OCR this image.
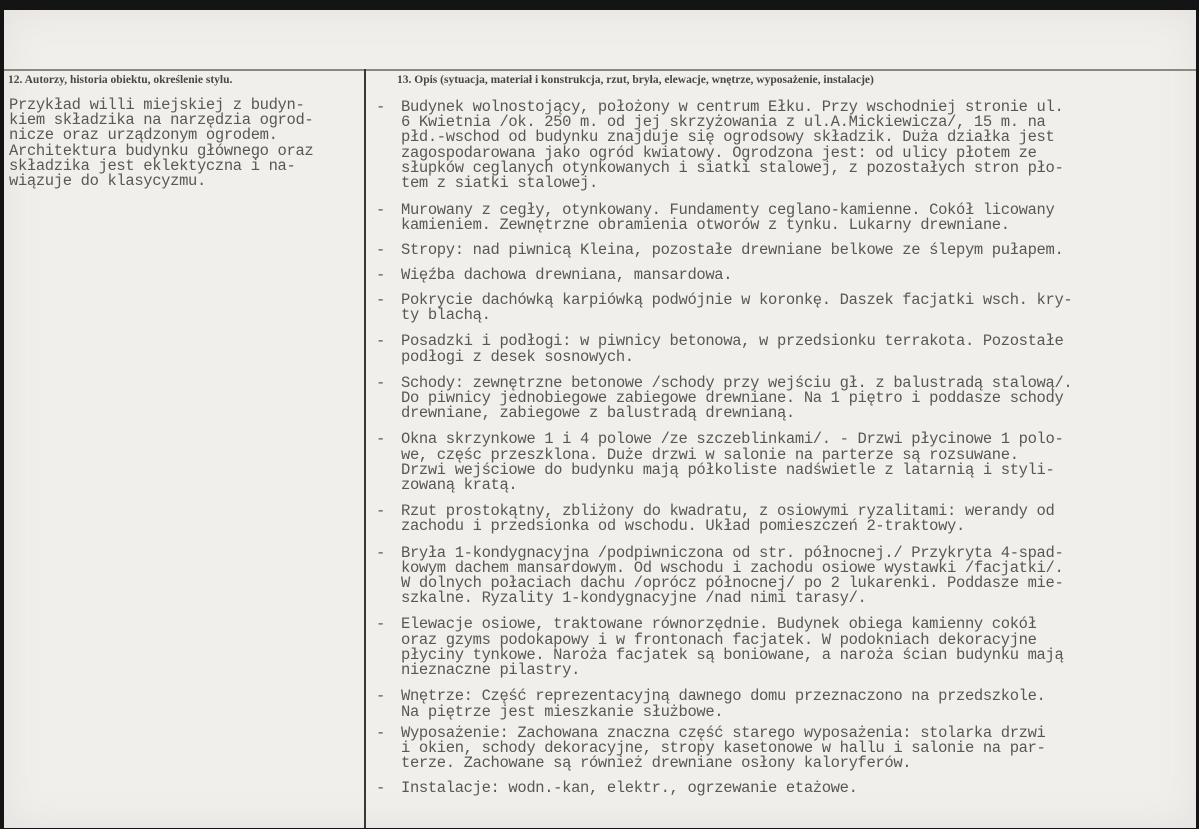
12. Autorzy, historia obiektu, określenie stylu.	13. Opis (sytuacja, materiał i konstrukcja, rzut, bryła, elewacje, wnętrze, wyposażenie, instalacje)
Przykład willi miejskiej z budyn-
kiem składzika na narzędzia ogrod-
nicze oraz urządzonym ogrodem.
Architektura budynku głównego oraz
składzika jest eklektyczna i na-
wiązuje do klasycyzmu.
- Budynek wolnostojący, położony w centrum Ełku. Przy wschodniej stronie ul.
6 Kwietnia /ok. 250 m. od jej skrzyżowania z ul.A.Mickiewicza/, 15 m. na
płd.-wschod od budynku znajduje się ogrodsowy składzik. Duża działka jest
zagospodarowana jako ogród kwiatowy. Ogrodzona jest: od ulicy płotem ze
słupków ceglanych otynkowanych i siatki stalowej, z pozostałych stron pło-
tem z siatki stalowej.
- Murowany z cegły, otynkowany. Fundamenty ceglano-kamienne. Cokół licowany
kamieniem. Zewnętrzne obramienia otworów z tynku. Lukarny drewniane.
- Stropy: nad piwnicą Kleina, pozostałe drewniane belkowe ze ślepym pułapem.
- Więźba dachowa drewniana, mansardowa.
- Pokrycie dachówką karpiówką podwójnie w koronkę. Daszek facjatki wsch. kry-
ty blachą.
- Posadzki i podłogi: w piwnicy betonowa, w przedsionku terrakota. Pozostałe
podłogi z desek sosnowych.
- Schody: zewnętrzne betonowe /schody przy wejściu gł. z balustradą stalową/.
Do piwnicy jednobiegowe zabiegowe drewniane. Na 1 piętro i poddasze schody
drewniane, zabiegowe z balustradą drewnianą.
- Okna skrzynkowe 1 i 4 polowe /ze szczeblinkami/. - Drzwi płycinowe 1 polo-
we, częśc przeszklona. Duże drzwi w salonie na parterze są rozsuwane.
Drzwi wejściowe do budynku mają półkoliste nadświetle z latarnią i styli-
zowaną kratą.
- Rzut prostokątny, zbliżony do kwadratu, z osiowymi ryzalitami: werandy od
zachodu i przedsionka od wschodu. Układ pomieszczeń 2-traktowy.
- Bryła 1-kondygnacyjna /podpiwniczona od str. północnej./ Przykryta 4-spad-
kowym dachem mansardowym. Od wschodu i zachodu osiowe wystawki /facjatki/.
W dolnych połaciach dachu /oprócz północnej/ po 2 lukarenki. Poddasze mie-
szkalne. Ryzality 1-kondygnacyjne /nad nimi tarasy/.
- Elewacje osiowe, traktowane równorzędnie. Budynek obiega kamienny cokół
oraz gzyms podokapowy i w frontonach facjatek. W podokniach dekoracyjne
płyciny tynkowe. Naroża facjatek są boniowane, a naroża ścian budynku mają
nieznaczne pilastry.
- Wnętrze: Część reprezentacyjną dawnego domu przeznaczono na przedszkole.
Na piętrze jest mieszkanie służbowe.
- Wyposażenie: Zachowana znaczna część starego wyposażenia: stolarka drzwi
i okien, schody dekoracyjne, stropy kasetonowe w hallu i salonie na par-
terze. Zachowane są również drewniane osłony kaloryferów.
- Instalacje: wodn.-kan, elektr., ogrzewanie etażowe.
